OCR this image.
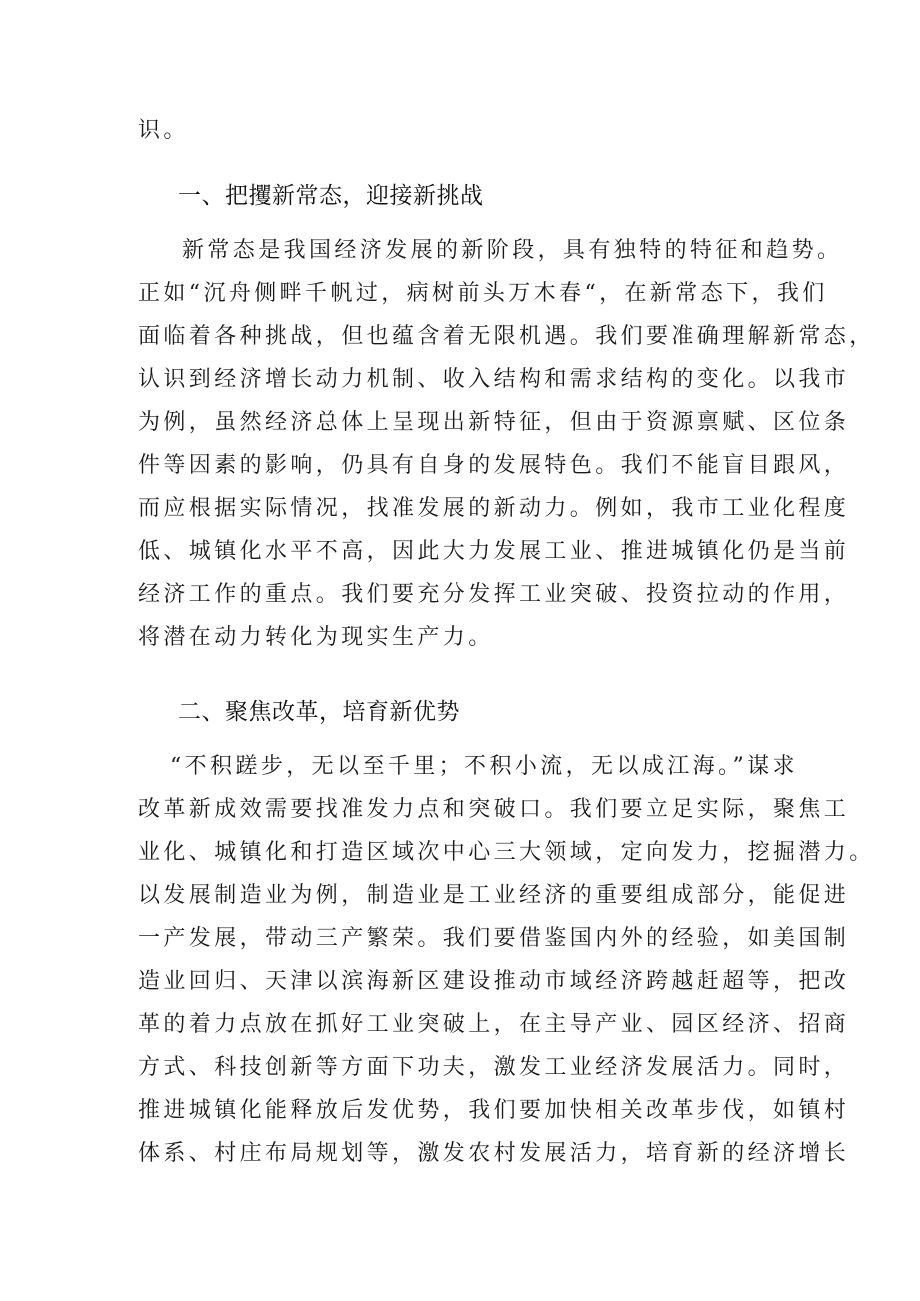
识。
一、把攫新常态，迎接新挑战
新常态是我国经济发展的新阶段，具有独特的特征和趋势。
正如“沉舟侧畔千帆过，病树前头万木春“，在新常态下，我们
面临着各种挑战，但也蕴含着无限机遇。我们要准确理解新常态，
认识到经济增长动力机制、收入结构和需求结构的变化。以我市
为例，虽然经济总体上呈现出新特征，但由于资源禀赋、区位条
件等因素的影响，仍具有自身的发展特色。我们不能盲目跟风，
而应根据实际情况，找准发展的新动力。例如，我市工业化程度
低、城镇化水平不高，因此大力发展工业、推进城镇化仍是当前
经济工作的重点。我们要充分发挥工业突破、投资拉动的作用，
将潜在动力转化为现实生产力。
二、聚焦改革，培育新优势
“不积蹉步，无以至千里；不积小流，无以成江海。”谋求
改革新成效需要找准发力点和突破口。我们要立足实际，聚焦工
业化、城镇化和打造区域次中心三大领域，定向发力，挖掘潜力。
以发展制造业为例，制造业是工业经济的重要组成部分，能促进
一产发展，带动三产繁荣。我们要借鉴国内外的经验，如美国制
造业回归、天津以滨海新区建设推动市域经济跨越赶超等，把改
革的着力点放在抓好工业突破上，在主导产业、园区经济、招商
方式、科技创新等方面下功夫，激发工业经济发展活力。同时，
推进城镇化能释放后发优势，我们要加快相关改革步伐，如镇村
体系、村庄布局规划等，激发农村发展活力，培育新的经济增长
